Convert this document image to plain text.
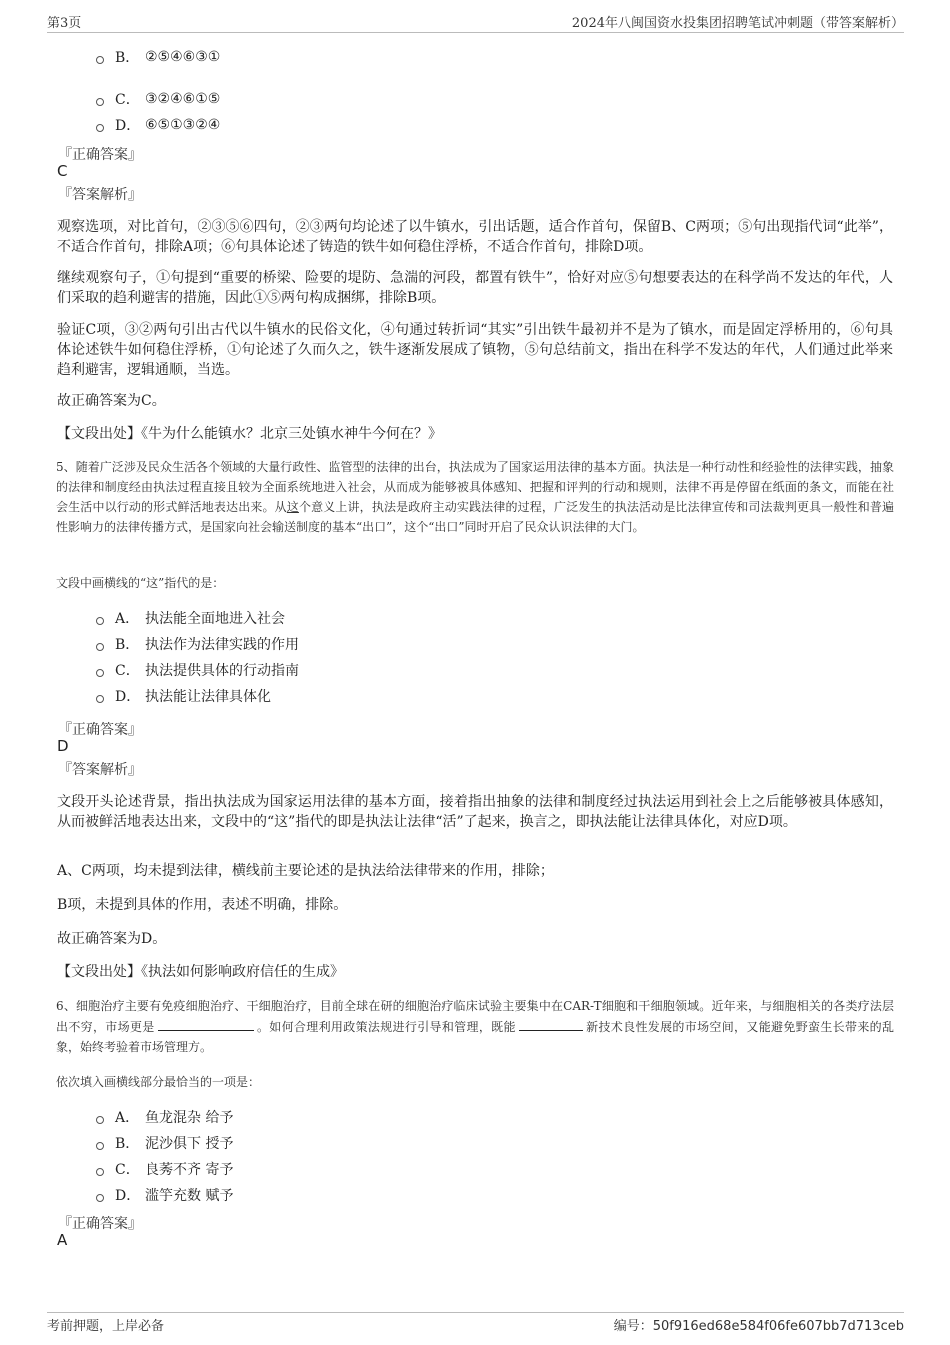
第3页	2024年八闽国资水投集团招聘笔试冲刺题（带答案解析）
B． ②⑤④⑥③①
C． ③②④⑥①⑤
D． ⑥⑤①③②④
『正确答案』
C
『答案解析』
观察选项，对比首句，②③⑤⑥四句，②③两句均论述了以牛镇水，引出话题，适合作首句，保留B、C两项；⑤句出现指代词“此举”，不适合作首句，排除A项；⑥句具体论述了铸造的铁牛如何稳住浮桥，不适合作首句，排除D项。
继续观察句子，①句提到“重要的桥梁、险要的堤防、急湍的河段，都置有铁牛”，恰好对应⑤句想要表达的在科学尚不发达的年代，人们采取的趋利避害的措施，因此①⑤两句构成捆绑，排除B项。
验证C项，③②两句引出古代以牛镇水的民俗文化，④句通过转折词“其实”引出铁牛最初并不是为了镇水，而是固定浮桥用的，⑥句具体论述铁牛如何稳住浮桥，①句论述了久而久之，铁牛逐渐发展成了镇物，⑤句总结前文，指出在科学不发达的年代，人们通过此举来趋利避害，逻辑通顺，当选。
故正确答案为C。
【文段出处】《牛为什么能镇水？北京三处镇水神牛今何在？》
5、随着广泛涉及民众生活各个领域的大量行政性、监管型的法律的出台，执法成为了国家运用法律的基本方面。执法是一种行动性和经验性的法律实践，抽象的法律和制度经由执法过程直接且较为全面系统地进入社会，从而成为能够被具体感知、把握和评判的行动和规则，法律不再是停留在纸面的条文，而能在社会生活中以行动的形式鲜活地表达出来。从这个意义上讲，执法是政府主动实践法律的过程，广泛发生的执法活动是比法律宣传和司法裁判更具一般性和普遍性影响力的法律传播方式，是国家向社会输送制度的基本“出口”，这个“出口”同时开启了民众认识法律的大门。
文段中画横线的“这”指代的是：
A． 执法能全面地进入社会
B． 执法作为法律实践的作用
C． 执法提供具体的行动指南
D． 执法能让法律具体化
『正确答案』
D
『答案解析』
文段开头论述背景，指出执法成为国家运用法律的基本方面，接着指出抽象的法律和制度经过执法运用到社会上之后能够被具体感知，从而被鲜活地表达出来，文段中的“这”指代的即是执法让法律“活”了起来，换言之，即执法能让法律具体化，对应D项。
A、C两项，均未提到法律，横线前主要论述的是执法给法律带来的作用，排除；
B项，未提到具体的作用，表述不明确，排除。
故正确答案为D。
【文段出处】《执法如何影响政府信任的生成》
6、细胞治疗主要有免疫细胞治疗、干细胞治疗，目前全球在研的细胞治疗临床试验主要集中在CAR-T细胞和干细胞领域。近年来，与细胞相关的各类疗法层出不穷，市场更是	。如何合理利用政策法规进行引导和管理，既能	新技术良性发展的市场空间，又能避免野蛮生长带来的乱象，始终考验着市场管理方。
依次填入画横线部分最恰当的一项是：
A． 鱼龙混杂 给予
B． 泥沙俱下 授予
C． 良莠不齐 寄予
D． 滥竽充数 赋予
『正确答案』
A
考前押题，上岸必备	编号：50f916ed68e584f06fe607bb7d713ceb
